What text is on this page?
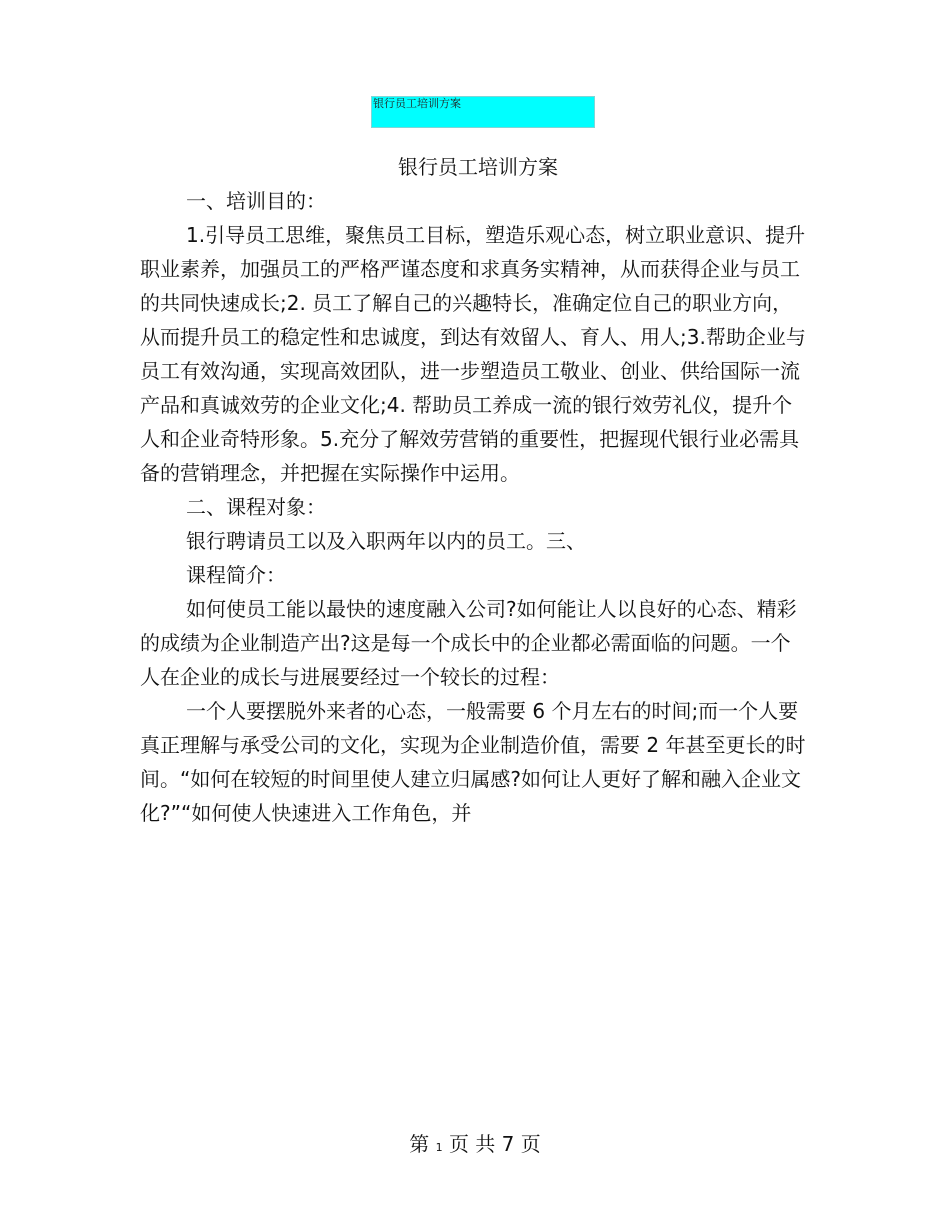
银行员工培训方案
银行员工培训方案

一、培训目的：

1.引导员工思维，聚焦员工目标，塑造乐观心态，树立职业意识、提升职业素养，加强员工的严格严谨态度和求真务实精神，从而获得企业与员工的共同快速成长;2. 员工了解自己的兴趣特长，准确定位自己的职业方向，从而提升员工的稳定性和忠诚度，到达有效留人、育人、用人;3.帮助企业与员工有效沟通，实现高效团队，进一步塑造员工敬业、创业、供给国际一流产品和真诚效劳的企业文化;4. 帮助员工养成一流的银行效劳礼仪，提升个人和企业奇特形象。5.充分了解效劳营销的重要性，把握现代银行业必需具备的营销理念，并把握在实际操作中运用。

二、课程对象：

银行聘请员工以及入职两年以内的员工。三、

课程简介：

如何使员工能以最快的速度融入公司?如何能让人以良好的心态、精彩的成绩为企业制造产出?这是每一个成长中的企业都必需面临的问题。一个人在企业的成长与进展要经过一个较长的过程：

一个人要摆脱外来者的心态，一般需要 6 个月左右的时间;而一个人要真正理解与承受公司的文化，实现为企业制造价值，需要 2 年甚至更长的时间。“如何在较短的时间里使人建立归属感?如何让人更好了解和融入企业文化?”“如何使人快速进入工作角色，并

第 1 页 共 7 页
